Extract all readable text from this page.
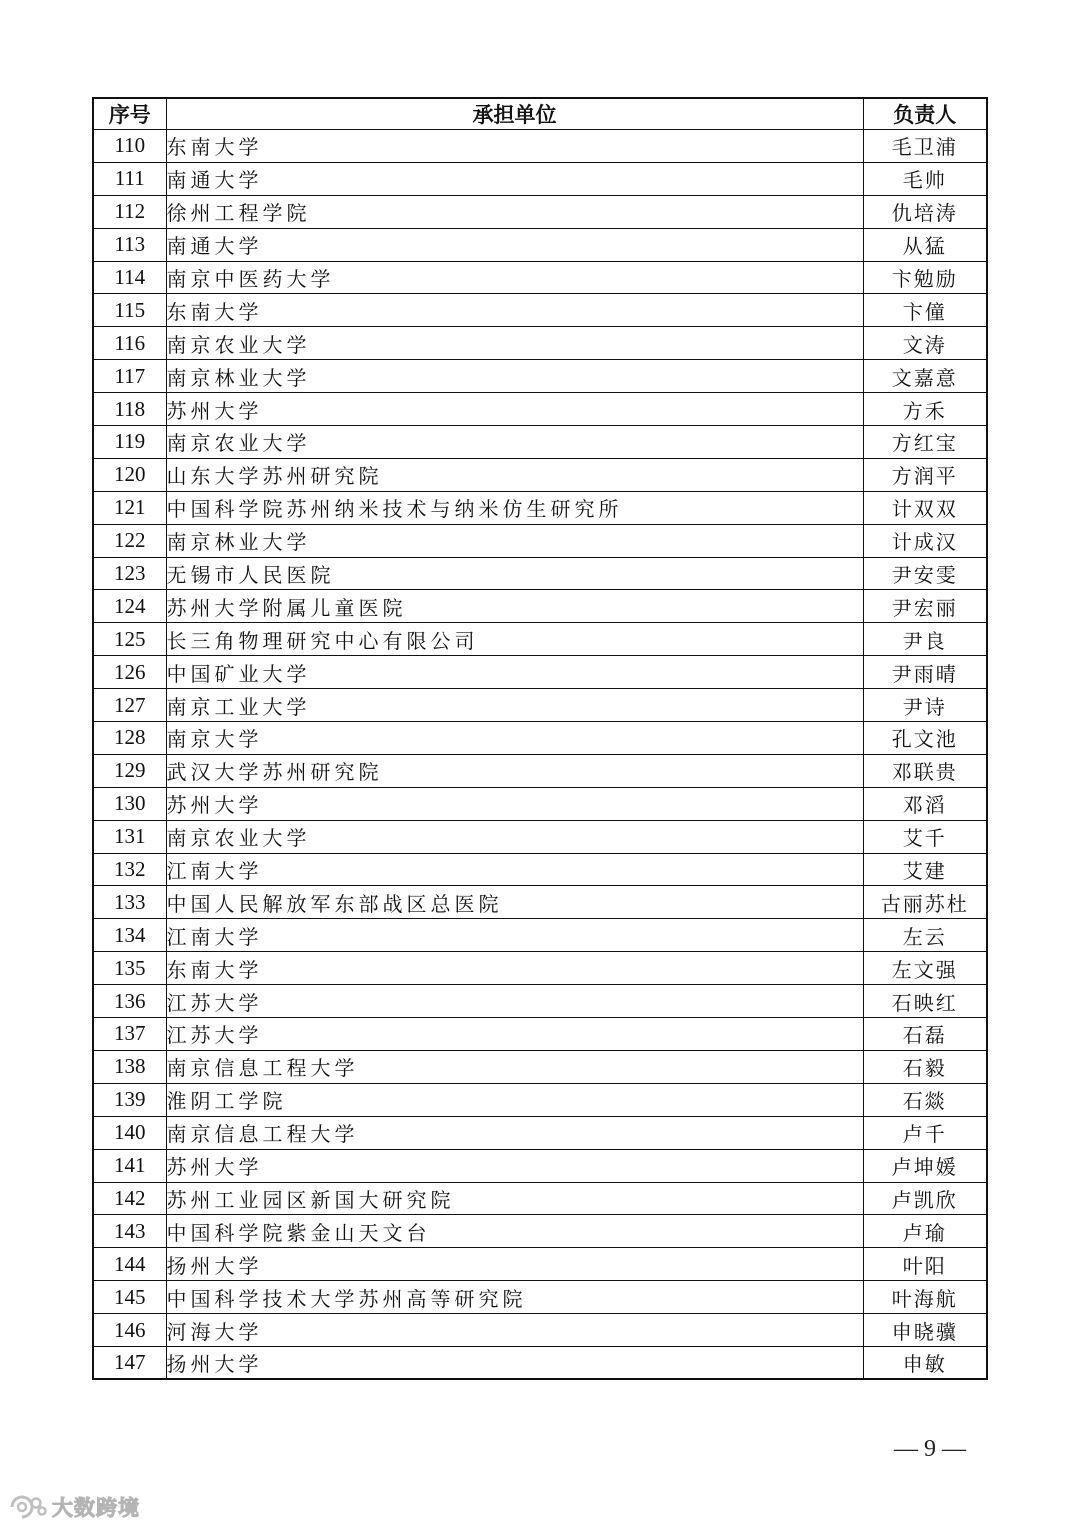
序号	承担单位	负责人
110	东南大学	毛卫浦
111	南通大学	毛帅
112	徐州工程学院	仇培涛
113	南通大学	从猛
114	南京中医药大学	卞勉励
115	东南大学	卞僮
116	南京农业大学	文涛
117	南京林业大学	文嘉意
118	苏州大学	方禾
119	南京农业大学	方红宝
120	山东大学苏州研究院	方润平
121	中国科学院苏州纳米技术与纳米仿生研究所	计双双
122	南京林业大学	计成汉
123	无锡市人民医院	尹安雯
124	苏州大学附属儿童医院	尹宏丽
125	长三角物理研究中心有限公司	尹良
126	中国矿业大学	尹雨晴
127	南京工业大学	尹诗
128	南京大学	孔文池
129	武汉大学苏州研究院	邓联贵
130	苏州大学	邓滔
131	南京农业大学	艾千
132	江南大学	艾建
133	中国人民解放军东部战区总医院	古丽苏杜
134	江南大学	左云
135	东南大学	左文强
136	江苏大学	石映红
137	江苏大学	石磊
138	南京信息工程大学	石毅
139	淮阴工学院	石燚
140	南京信息工程大学	卢千
141	苏州大学	卢坤媛
142	苏州工业园区新国大研究院	卢凯欣
143	中国科学院紫金山天文台	卢瑜
144	扬州大学	叶阳
145	中国科学技术大学苏州高等研究院	叶海航
146	河海大学	申晓骥
147	扬州大学	申敏
— 9 —
大数跨境
